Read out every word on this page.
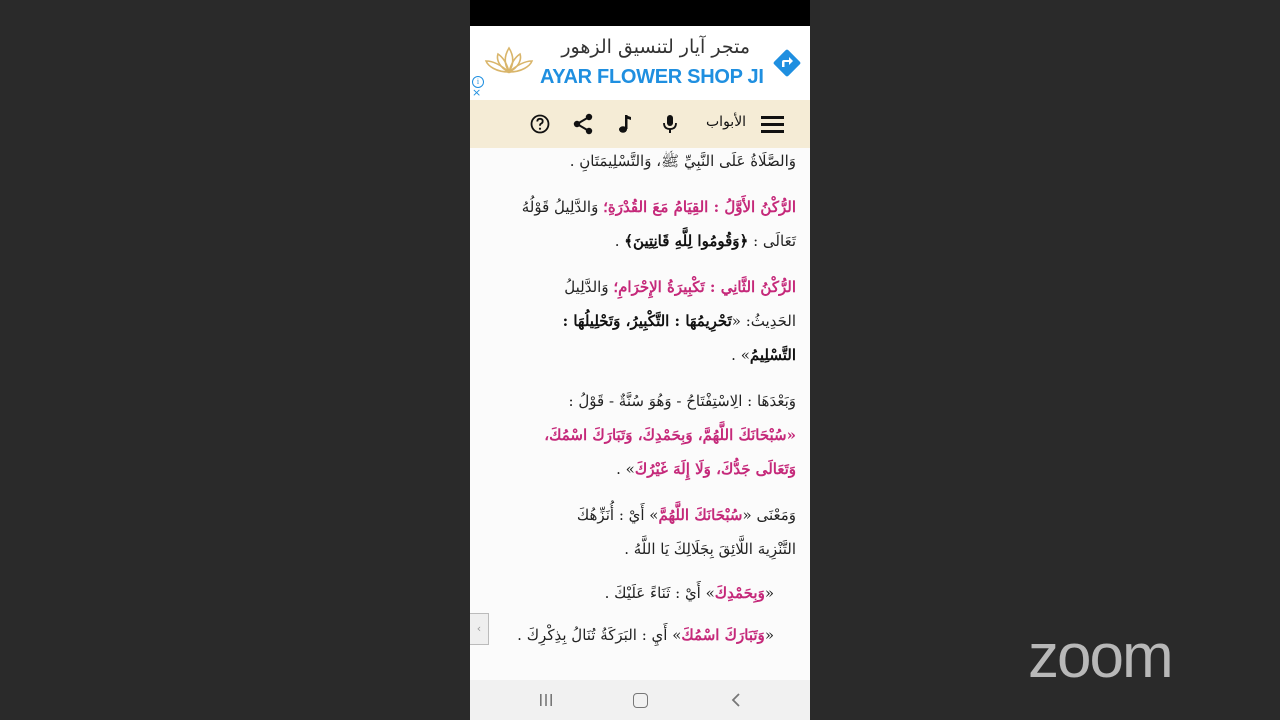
متجر آيار لتنسيق الزهور
AYAR FLOWER SHOP JI
i
×
الأبواب
وَالصَّلَاةُ عَلَى النَّبِيِّ ﷺ، وَالتَّسْلِيمَتَانِ .
الرُّكْنُ الأَوَّلُ : القِيَامُ مَعَ القُدْرَةِ؛ وَالدَّلِيلُ قَوْلُهُ
تَعَالَى : ﴿وَقُومُوا لِلَّهِ قَانِتِينَ﴾ .
الرُّكْنُ الثَّانِي : تَكْبِيرَةُ الإِحْرَامِ؛ وَالدَّلِيلُ
الحَدِيثُ: «تَحْرِيمُهَا : التَّكْبِيرُ، وَتَحْلِيلُهَا :
التَّسْلِيمُ» .
وَبَعْدَهَا : الِاسْتِفْتَاحُ - وَهُوَ سُنَّةٌ - قَوْلُ :
«سُبْحَانَكَ اللَّهُمَّ، وَبِحَمْدِكَ، وَتَبَارَكَ اسْمُكَ،
وَتَعَالَى جَدُّكَ، وَلَا إِلَهَ غَيْرُكَ» .
وَمَعْنَى «سُبْحَانَكَ اللَّهُمَّ» أَيْ : أُنَزِّهُكَ
التَّنْزِيهَ اللَّائِقَ بِجَلَالِكَ يَا اللَّهُ .
«وَبِحَمْدِكَ» أَيْ : ثَنَاءً عَلَيْكَ .
«وَتَبَارَكَ اسْمُكَ» أَيِ : البَرَكَةُ تُنَالُ بِذِكْرِكَ .
‹	zoom
